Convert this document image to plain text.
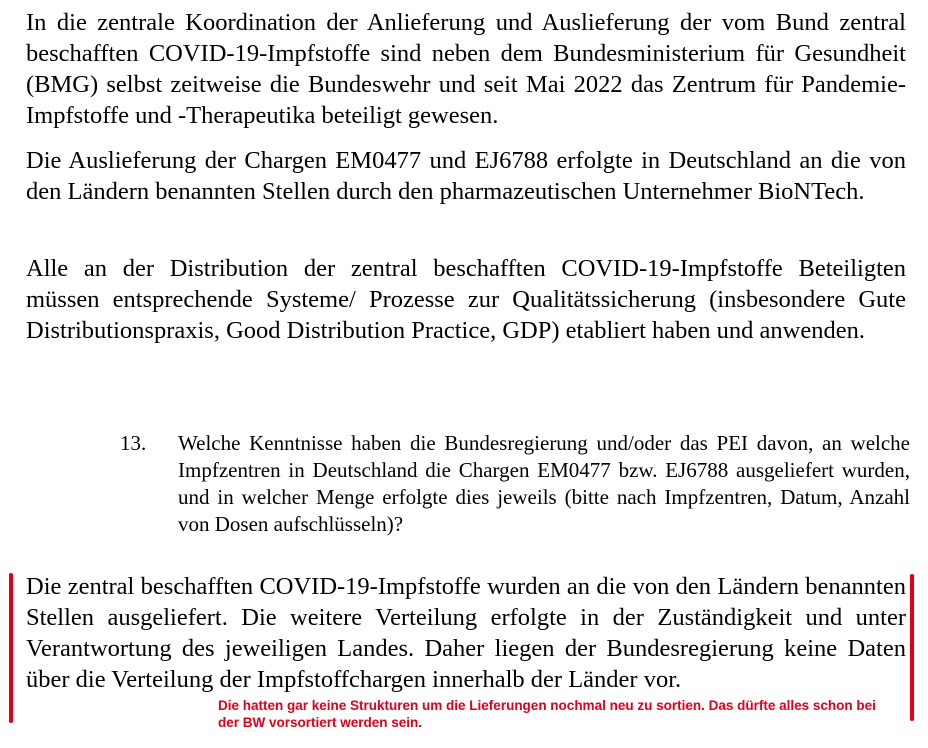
In die zentrale Koordination der Anlieferung und Auslieferung der vom Bund zentral beschafften COVID-19-Impfstoffe sind neben dem Bundesministerium für Gesundheit (BMG) selbst zeitweise die Bundeswehr und seit Mai 2022 das Zentrum für Pandemie-Impfstoffe und -Therapeutika beteiligt gewesen.

Die Auslieferung der Chargen EM0477 und EJ6788 erfolgte in Deutschland an die von den Ländern benannten Stellen durch den pharmazeutischen Unternehmer BioNTech.

Alle an der Distribution der zentral beschafften COVID-19-Impfstoffe Beteiligten müssen entsprechende Systeme/ Prozesse zur Qualitätssicherung (insbesondere Gute Distributionspraxis, Good Distribution Practice, GDP) etabliert haben und anwenden.

13.	Welche Kenntnisse haben die Bundesregierung und/oder das PEI davon, an welche Impfzentren in Deutschland die Chargen EM0477 bzw. EJ6788 ausgeliefert wurden, und in welcher Menge erfolgte dies jeweils (bitte nach Impfzentren, Datum, Anzahl von Dosen aufschlüsseln)?

Die zentral beschafften COVID-19-Impfstoffe wurden an die von den Ländern benannten Stellen ausgeliefert. Die weitere Verteilung erfolgte in der Zuständigkeit und unter Verantwortung des jeweiligen Landes. Daher liegen der Bundesregierung keine Daten über die Verteilung der Impfstoffchargen innerhalb der Länder vor.

Die hatten gar keine Strukturen um die Lieferungen nochmal neu zu sortien. Das dürfte alles schon bei der BW vorsortiert werden sein.
